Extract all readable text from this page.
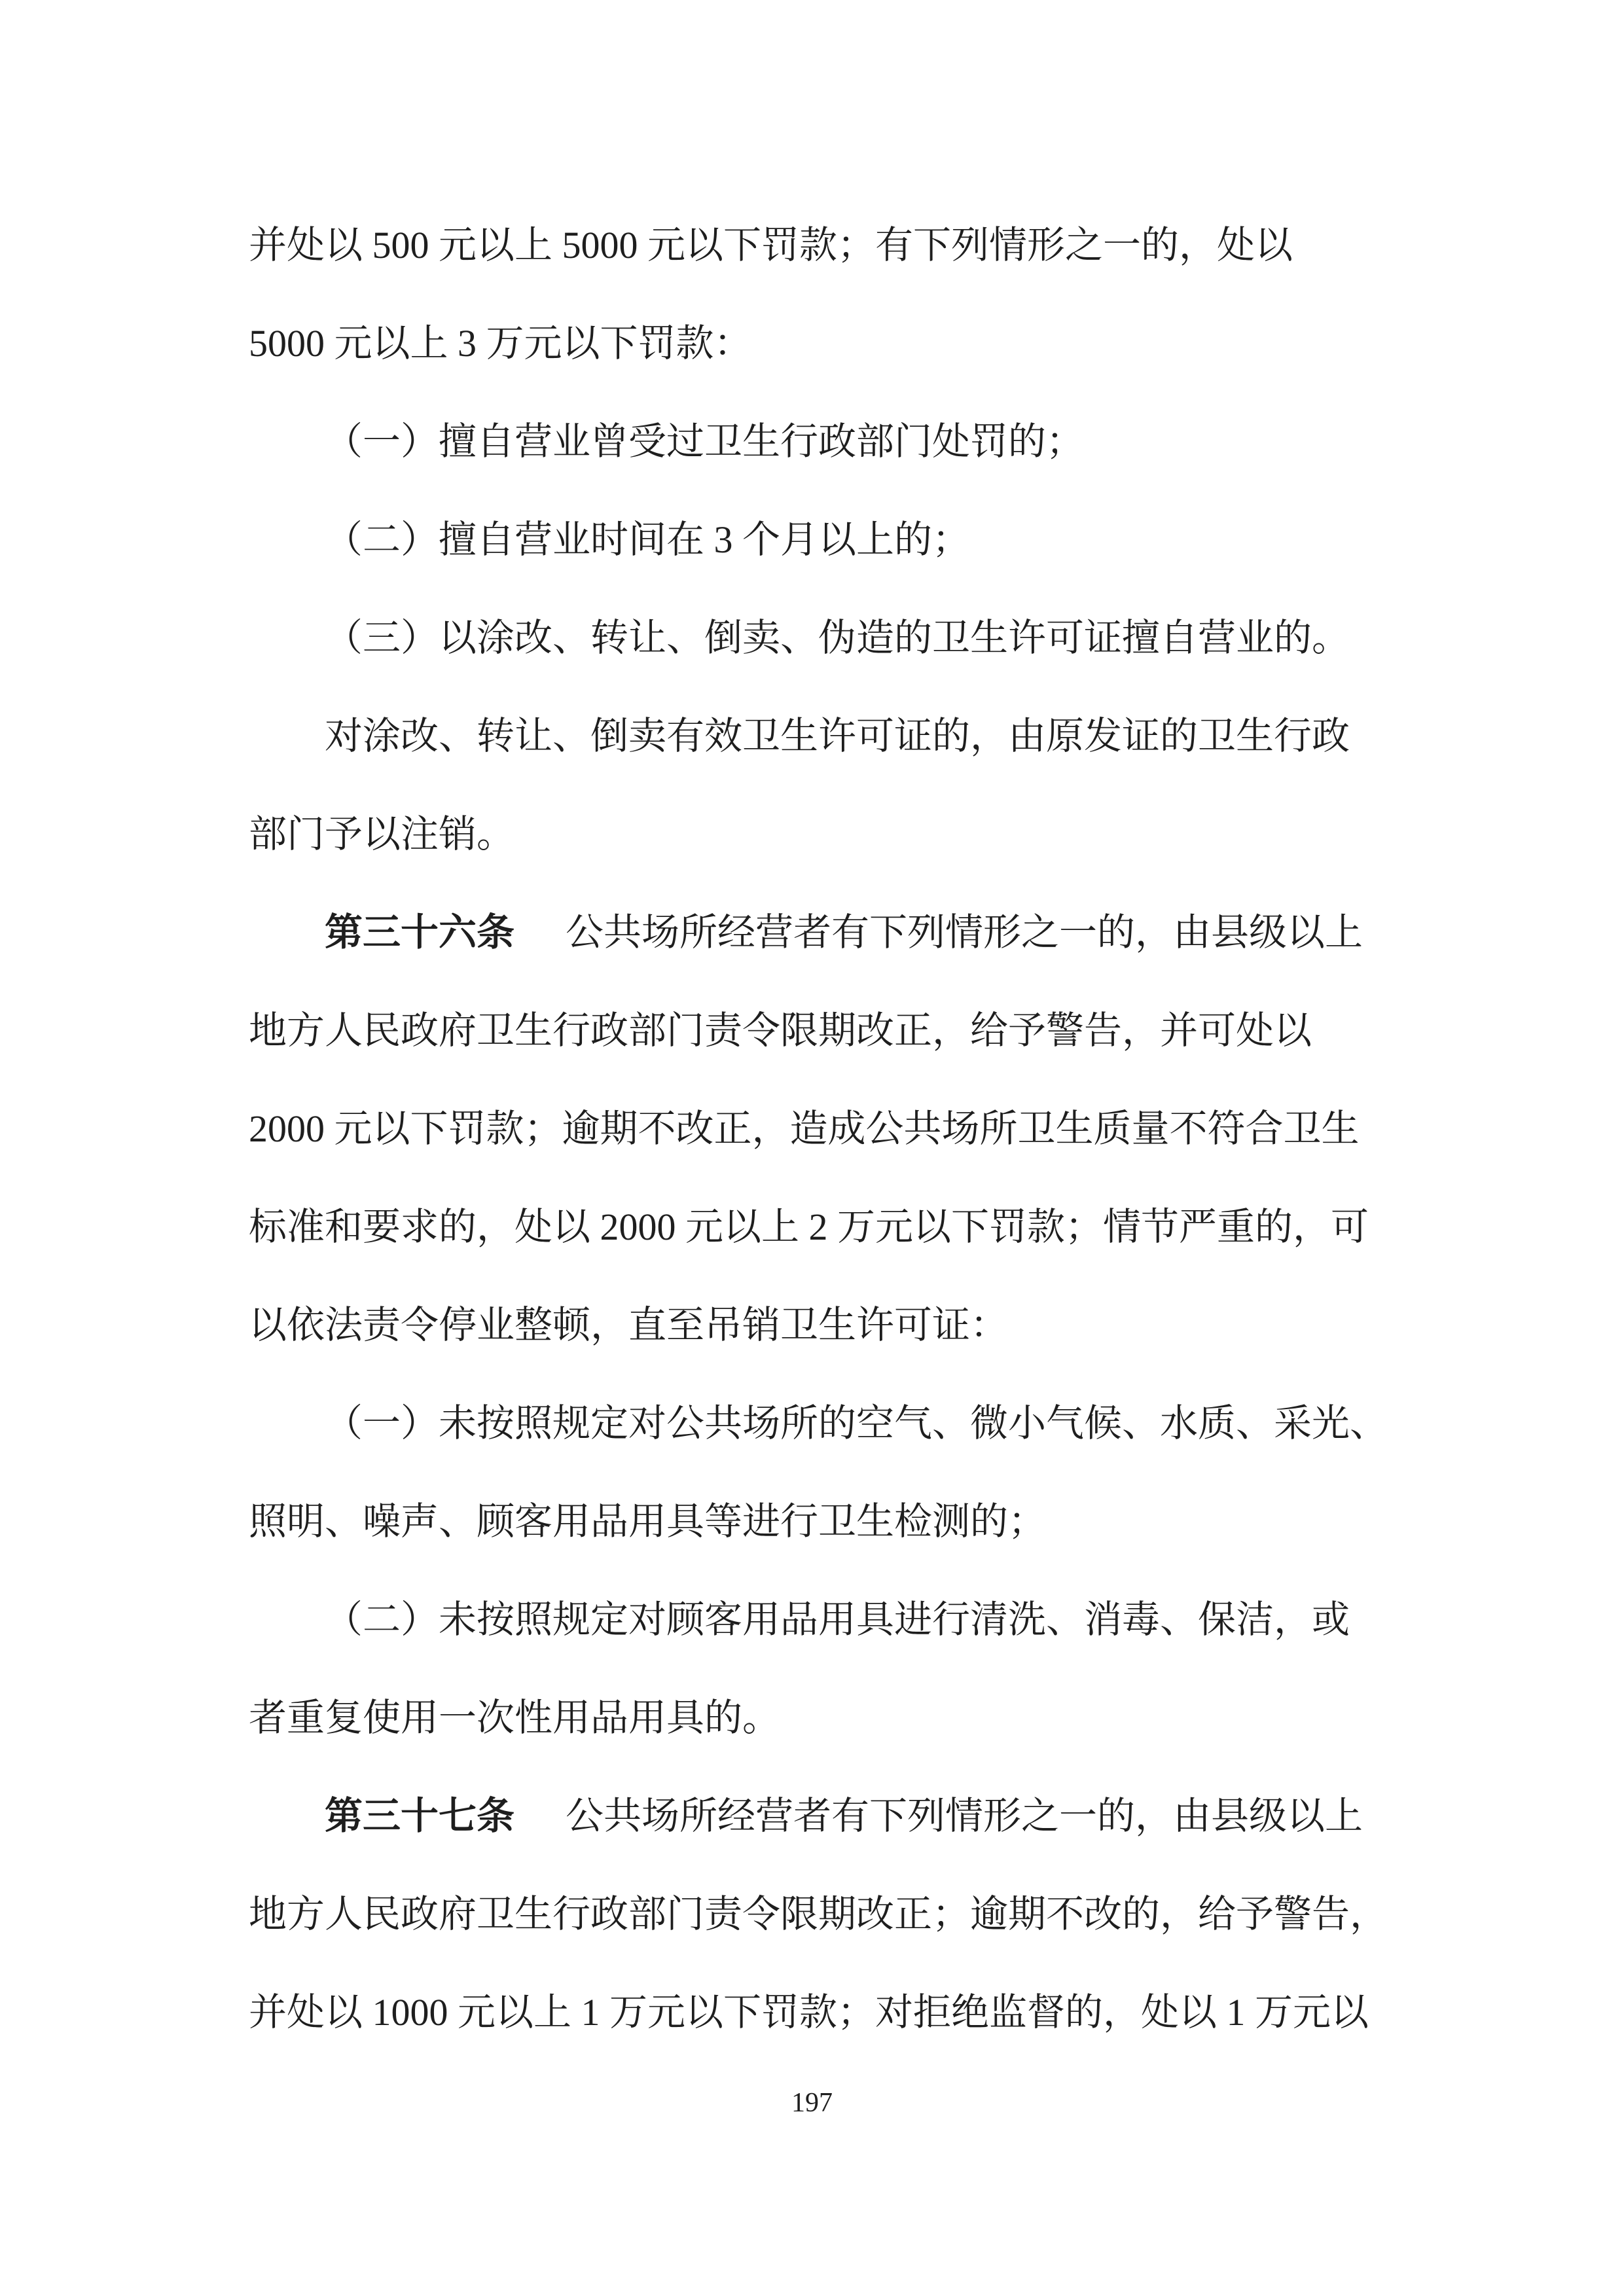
并处以 500 元以上 5000 元以下罚款；有下列情形之一的，处以
5000 元以上 3 万元以下罚款：
（一）擅自营业曾受过卫生行政部门处罚的；
（二）擅自营业时间在 3 个月以上的；
（三）以涂改、转让、倒卖、伪造的卫生许可证擅自营业的。
对涂改、转让、倒卖有效卫生许可证的，由原发证的卫生行政
部门予以注销。
第三十六条 公共场所经营者有下列情形之一的，由县级以上
地方人民政府卫生行政部门责令限期改正，给予警告，并可处以
2000 元以下罚款；逾期不改正，造成公共场所卫生质量不符合卫生
标准和要求的，处以 2000 元以上 2 万元以下罚款；情节严重的，可
以依法责令停业整顿，直至吊销卫生许可证：
（一）未按照规定对公共场所的空气、微小气候、水质、采光、
照明、噪声、顾客用品用具等进行卫生检测的；
（二）未按照规定对顾客用品用具进行清洗、消毒、保洁，或
者重复使用一次性用品用具的。
第三十七条 公共场所经营者有下列情形之一的，由县级以上
地方人民政府卫生行政部门责令限期改正；逾期不改的，给予警告，
并处以 1000 元以上 1 万元以下罚款；对拒绝监督的，处以 1 万元以
197
